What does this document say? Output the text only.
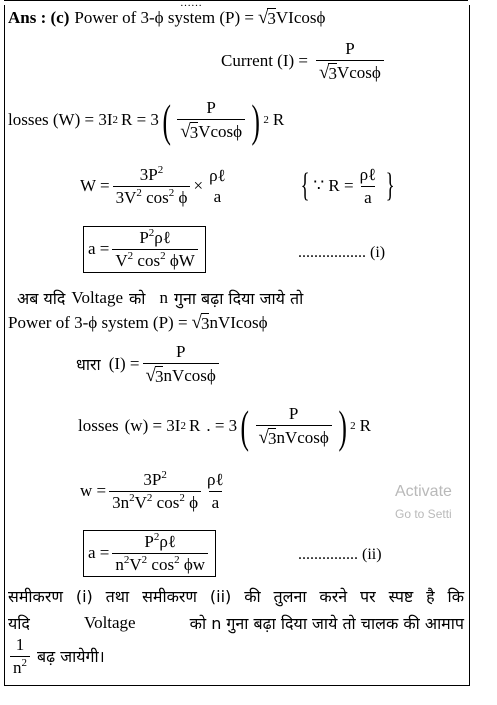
……
Ans : (c) Power of 3-ϕ system (P) = √ 3 VIcosϕ
Current $(I) = \frac{P}{√ 3 Vcos\phi}$
losses (W) = 3I 2 R = 3 ( $\frac{P}{√ 3 Vcos\phi}$ ) 2 R
$W = \frac{3P^2}{3V^2 \cos^2 \phi}$ ×
ρℓ
a { ∵ $R = \frac{\text{ρℓ}}{a}$ }
$a = \frac{P^2\rho\ell}{V^2 \cos^2 \phi W}$	................. (i)
अब यदि Voltage को n गुना बढ़ा दिया जाये तो
Power of 3-ϕ system (P) = √ 3 nVIcosϕ
धारा $(I) = \frac{P}{√ 3 nVcos\phi}$
losses (w) = 3I 2 R . = 3 ( $\frac{P}{√ 3 nVcos\phi}$ ) 2 R
$w = \frac{3P^2}{3n^2V^2 \cos^2 \phi} \frac{\text{ρℓ}}{a}$
$a = \frac{P^2\rho\ell}{n^2V^2 \cos^2 \phi w}$	............... (ii)
Activate
Go to Setti
समीकरण (i) तथा समीकरण (ii) की तुलना करने पर स्पष्ट है कि
यदि	Voltage	को n गुना बढ़ा दिया जाये तो चालक की आमाप
$\frac{1}{n^2}$ बढ़ जायेगी।
